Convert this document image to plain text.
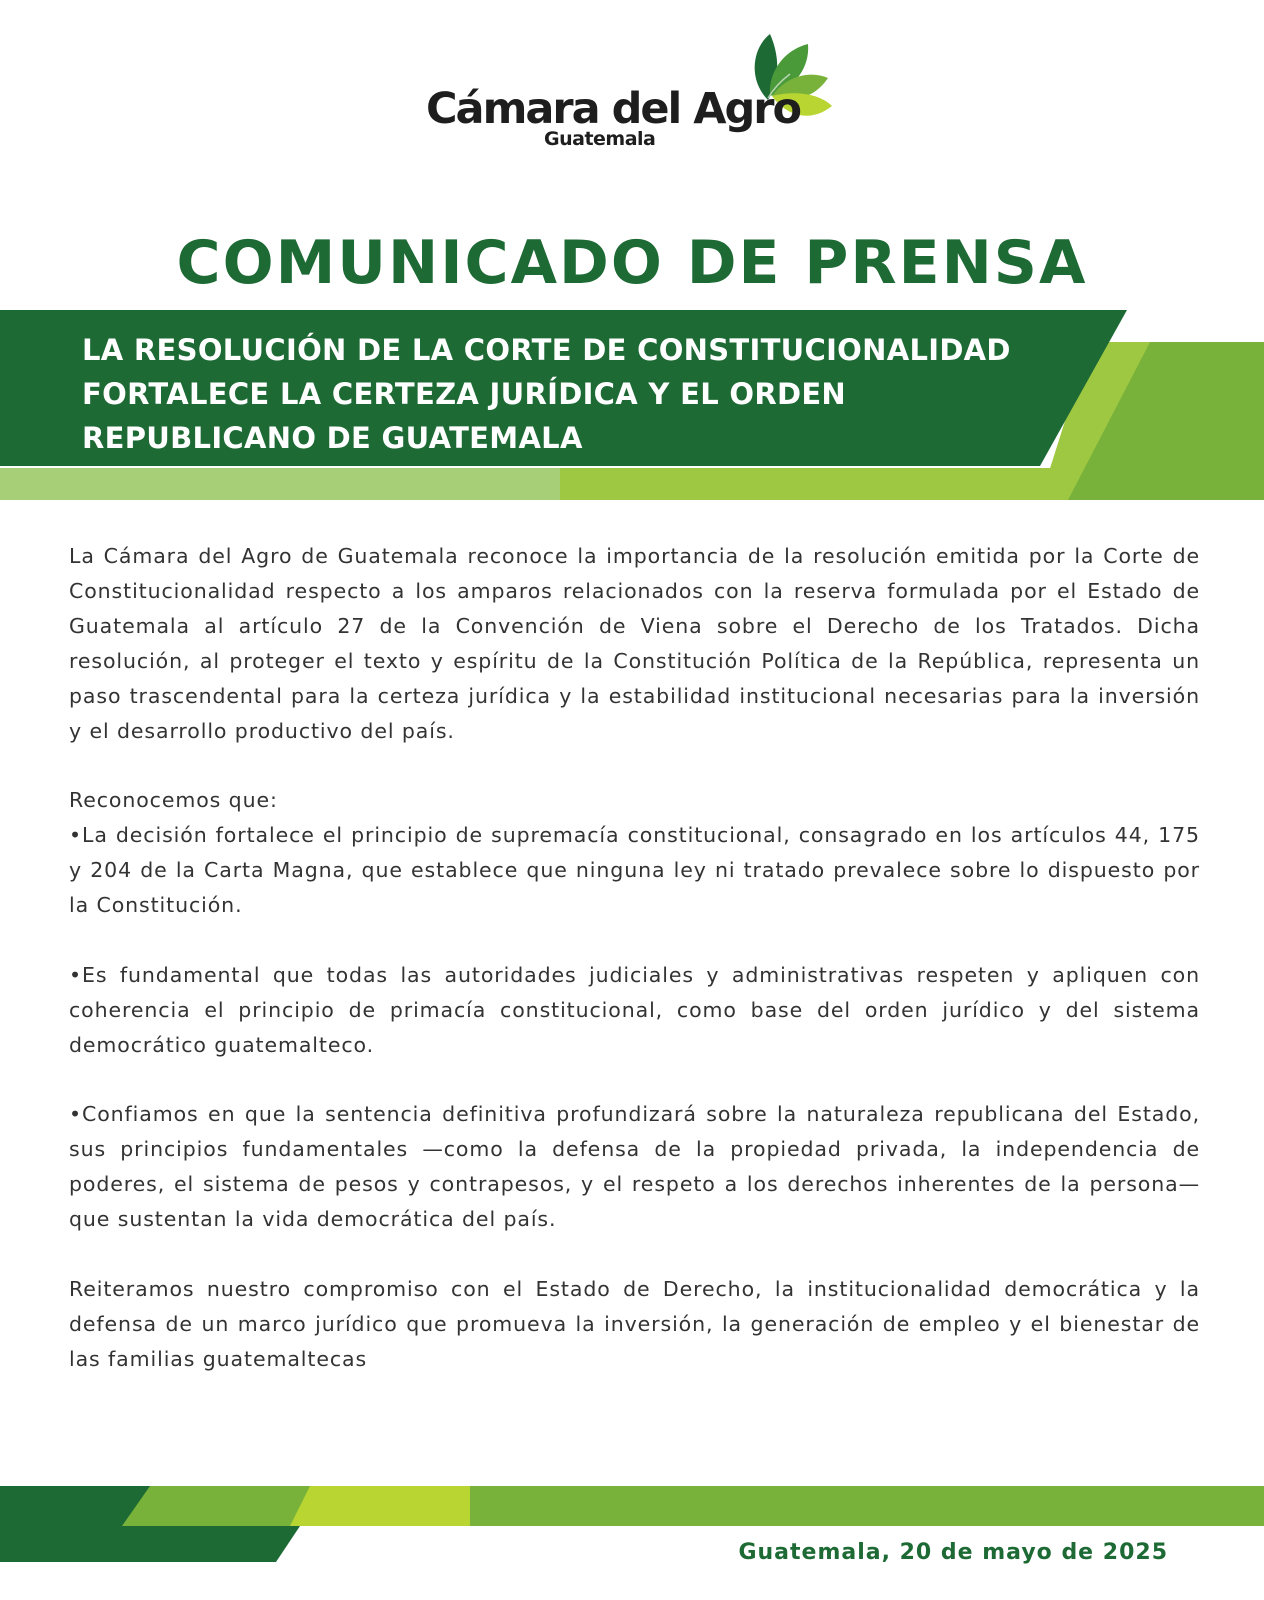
Cámara del Agro
Guatemala
COMUNICADO DE PRENSA
LA RESOLUCIÓN DE LA CORTE DE CONSTITUCIONALIDAD
FORTALECE LA CERTEZA JURÍDICA Y EL ORDEN
REPUBLICANO DE GUATEMALA

La Cámara del Agro de Guatemala reconoce la importancia de la resolución emitida por la Corte de Constitucionalidad respecto a los amparos relacionados con la reserva formulada por el Estado de Guatemala al artículo 27 de la Convención de Viena sobre el Derecho de los Tratados. Dicha resolución, al proteger el texto y espíritu de la Constitución Política de la República, representa un paso trascendental para la certeza jurídica y la estabilidad institucional necesarias para la inversión y el desarrollo productivo del país.

Reconocemos que:

•La decisión fortalece el principio de supremacía constitucional, consagrado en los artículos 44, 175 y 204 de la Carta Magna, que establece que ninguna ley ni tratado prevalece sobre lo dispuesto por la Constitución.

•Es fundamental que todas las autoridades judiciales y administrativas respeten y apliquen con coherencia el principio de primacía constitucional, como base del orden jurídico y del sistema democrático guatemalteco.

•Confiamos en que la sentencia definitiva profundizará sobre la naturaleza republicana del Estado, sus principios fundamentales —como la defensa de la propiedad privada, la independencia de poderes, el sistema de pesos y contrapesos, y el respeto a los derechos inherentes de la persona— que sustentan la vida democrática del país.

Reiteramos nuestro compromiso con el Estado de Derecho, la institucionalidad democrática y la defensa de un marco jurídico que promueva la inversión, la generación de empleo y el bienestar de las familias guatemaltecas

Guatemala, 20 de mayo de 2025
